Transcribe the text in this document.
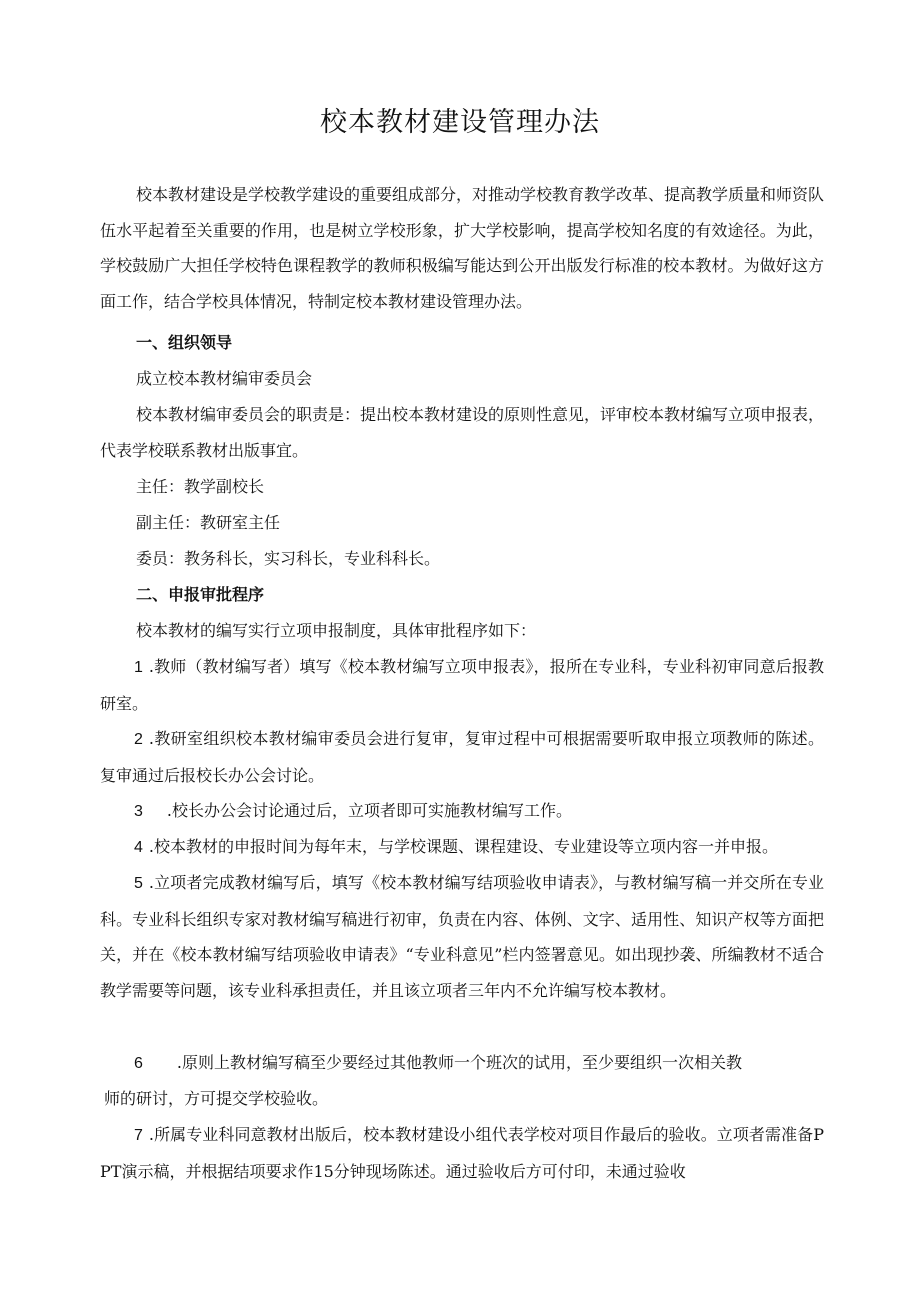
校本教材建设管理办法

校本教材建设是学校教学建设的重要组成部分，对推动学校教育教学改革、提高教学质量和师资队伍水平起着至关重要的作用，也是树立学校形象，扩大学校影响，提高学校知名度的有效途径。为此，学校鼓励广大担任学校特色课程教学的教师积极编写能达到公开出版发行标准的校本教材。为做好这方面工作，结合学校具体情况，特制定校本教材建设管理办法。

一、组织领导

成立校本教材编审委员会

校本教材编审委员会的职责是：提出校本教材建设的原则性意见，评审校本教材编写立项申报表，代表学校联系教材出版事宜。

主任：教学副校长

副主任：教研室主任

委员：教务科长，实习科长，专业科科长。

二、申报审批程序

校本教材的编写实行立项申报制度，具体审批程序如下：

1 .教师（教材编写者）填写《校本教材编写立项申报表》，报所在专业科，专业科初审同意后报教研室。

2 .教研室组织校本教材编审委员会进行复审，复审过程中可根据需要听取申报立项教师的陈述。复审通过后报校长办公会讨论。

3 .校长办公会讨论通过后，立项者即可实施教材编写工作。

4 .校本教材的申报时间为每年末，与学校课题、课程建设、专业建设等立项内容一并申报。

5 .立项者完成教材编写后，填写《校本教材编写结项验收申请表》，与教材编写稿一并交所在专业科。专业科长组织专家对教材编写稿进行初审，负责在内容、体例、文字、适用性、知识产权等方面把关，并在《校本教材编写结项验收申请表》“专业科意见”栏内签署意见。如出现抄袭、所编教材不适合教学需要等问题，该专业科承担责任，并且该立项者三年内不允许编写校本教材。

6 .原则上教材编写稿至少要经过其他教师一个班次的试用，至少要组织一次相关教

师的研讨，方可提交学校验收。

7 .所属专业科同意教材出版后，校本教材建设小组代表学校对项目作最后的验收。立项者需准备PPT演示稿，并根据结项要求作15分钟现场陈述。通过验收后方可付印，未通过验收
